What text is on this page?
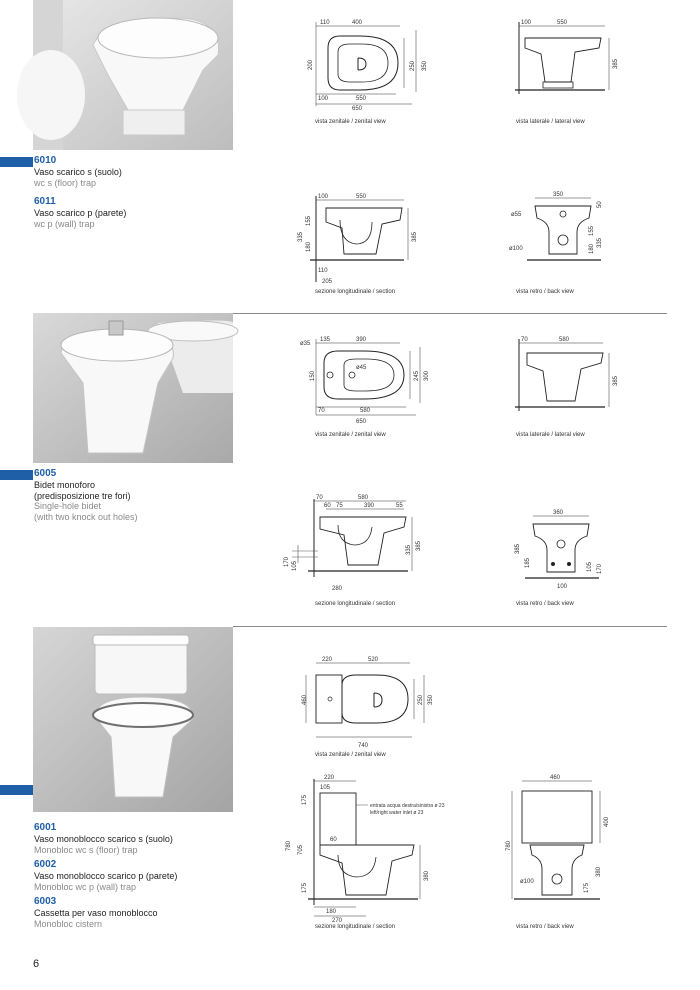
6010
Vaso scarico s (suolo)
wc s (floor) trap
6011
Vaso scarico p (parete)
wc p (wall) trap
110	400
200	250 350
100	550
650
vista zenitale / zenital view
100	550
385
vista laterale / lateral view
100	550
155
335
180
385
110
205
sezione longitudinale / section
350
50
ø55
155
335
180
ø100
vista retro / back view
6005
Bidet monoforo
(predisposizione tre fori)
Single-hole bidet
(with two knock out holes)
ø35
135	390
150
ø45
245 300
70	580
650
vista zenitale / zenital view
70	580
385
vista laterale / lateral view
70	580
60 75	390	55
170 105
335 385
280
sezione longitudinale / section
360
385
185	105 170
100
vista retro / back view
6001
Vaso monoblocco scarico s (suolo)
Monobloc wc s (floor) trap
6002
Vaso monoblocco scarico p (parete)
Monobloc wc p (wall) trap
6003
Cassetta per vaso monoblocco
Monobloc cistern
220	520
460	250 350
740
vista zenitale / zenital view
220
105
60
175
780 705
175
180
270
380
entrata acqua destra/sinistra ø 23
left/right water inlet ø 23
sezione longitudinale / section
460
400
780
ø100
175
380
vista retro / back view
6
